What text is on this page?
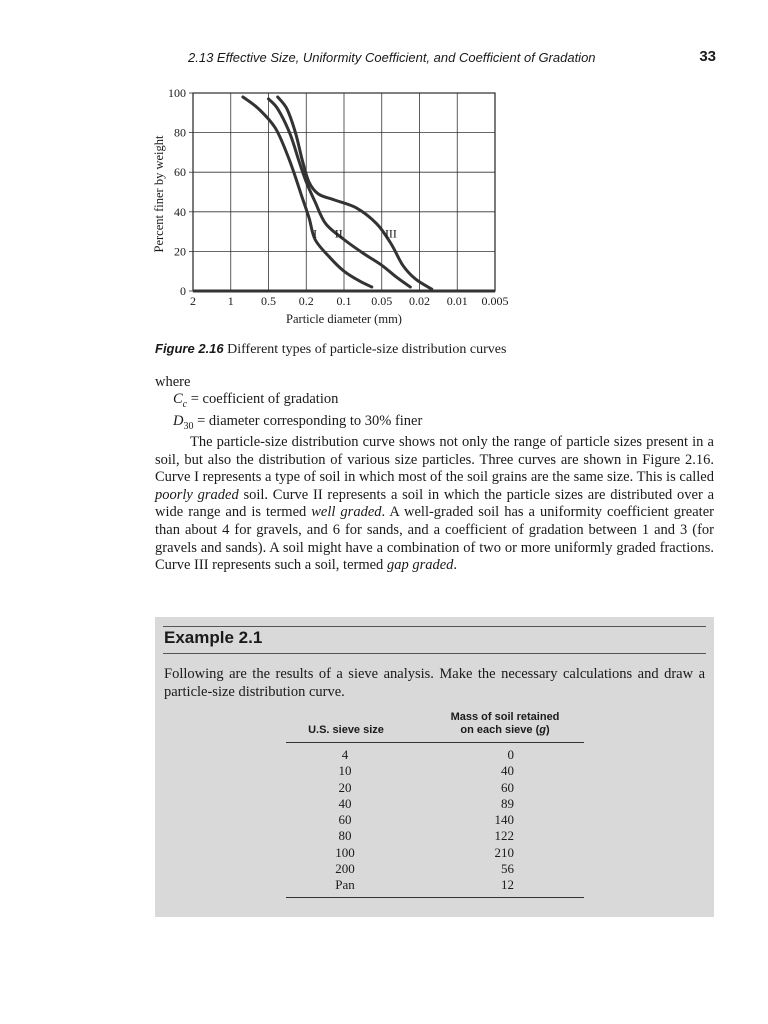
2.13 Effective Size, Uniformity Coefficient, and Coefficient of Gradation	33
0
20
40
60
80
100
2	1 0.5 0.2 0.1 0.05 0.02 0.01 0.005
Particle diameter (mm)
Percent finer by weight	I II	III
Figure 2.16 Different types of particle-size distribution curves
where
$C_c$ = coefficient of gradation
$D_{30}$ = diameter corresponding to 30% finer

The particle-size distribution curve shows not only the range of particle sizes present in a soil, but also the distribution of various size particles. Three curves are shown in Figure 2.16. Curve I represents a type of soil in which most of the soil grains are the same size. This is called poorly graded soil. Curve II represents a soil in which the particle sizes are distributed over a wide range and is termed well graded. A well-graded soil has a uniformity coefficient greater than about 4 for gravels, and 6 for sands, and a coefficient of gradation between 1 and 3 (for gravels and sands). A soil might have a combination of two or more uniformly graded fractions. Curve III represents such a soil, termed gap graded.

Example 2.1

Following are the results of a sieve analysis. Make the necessary calculations and draw a particle-size distribution curve.

U.S. sieve size
Mass of soil retained
on each sieve (g)
4	0
10	40
20	60
40	89
60	140
80	122
100	210
200	56
Pan	12
